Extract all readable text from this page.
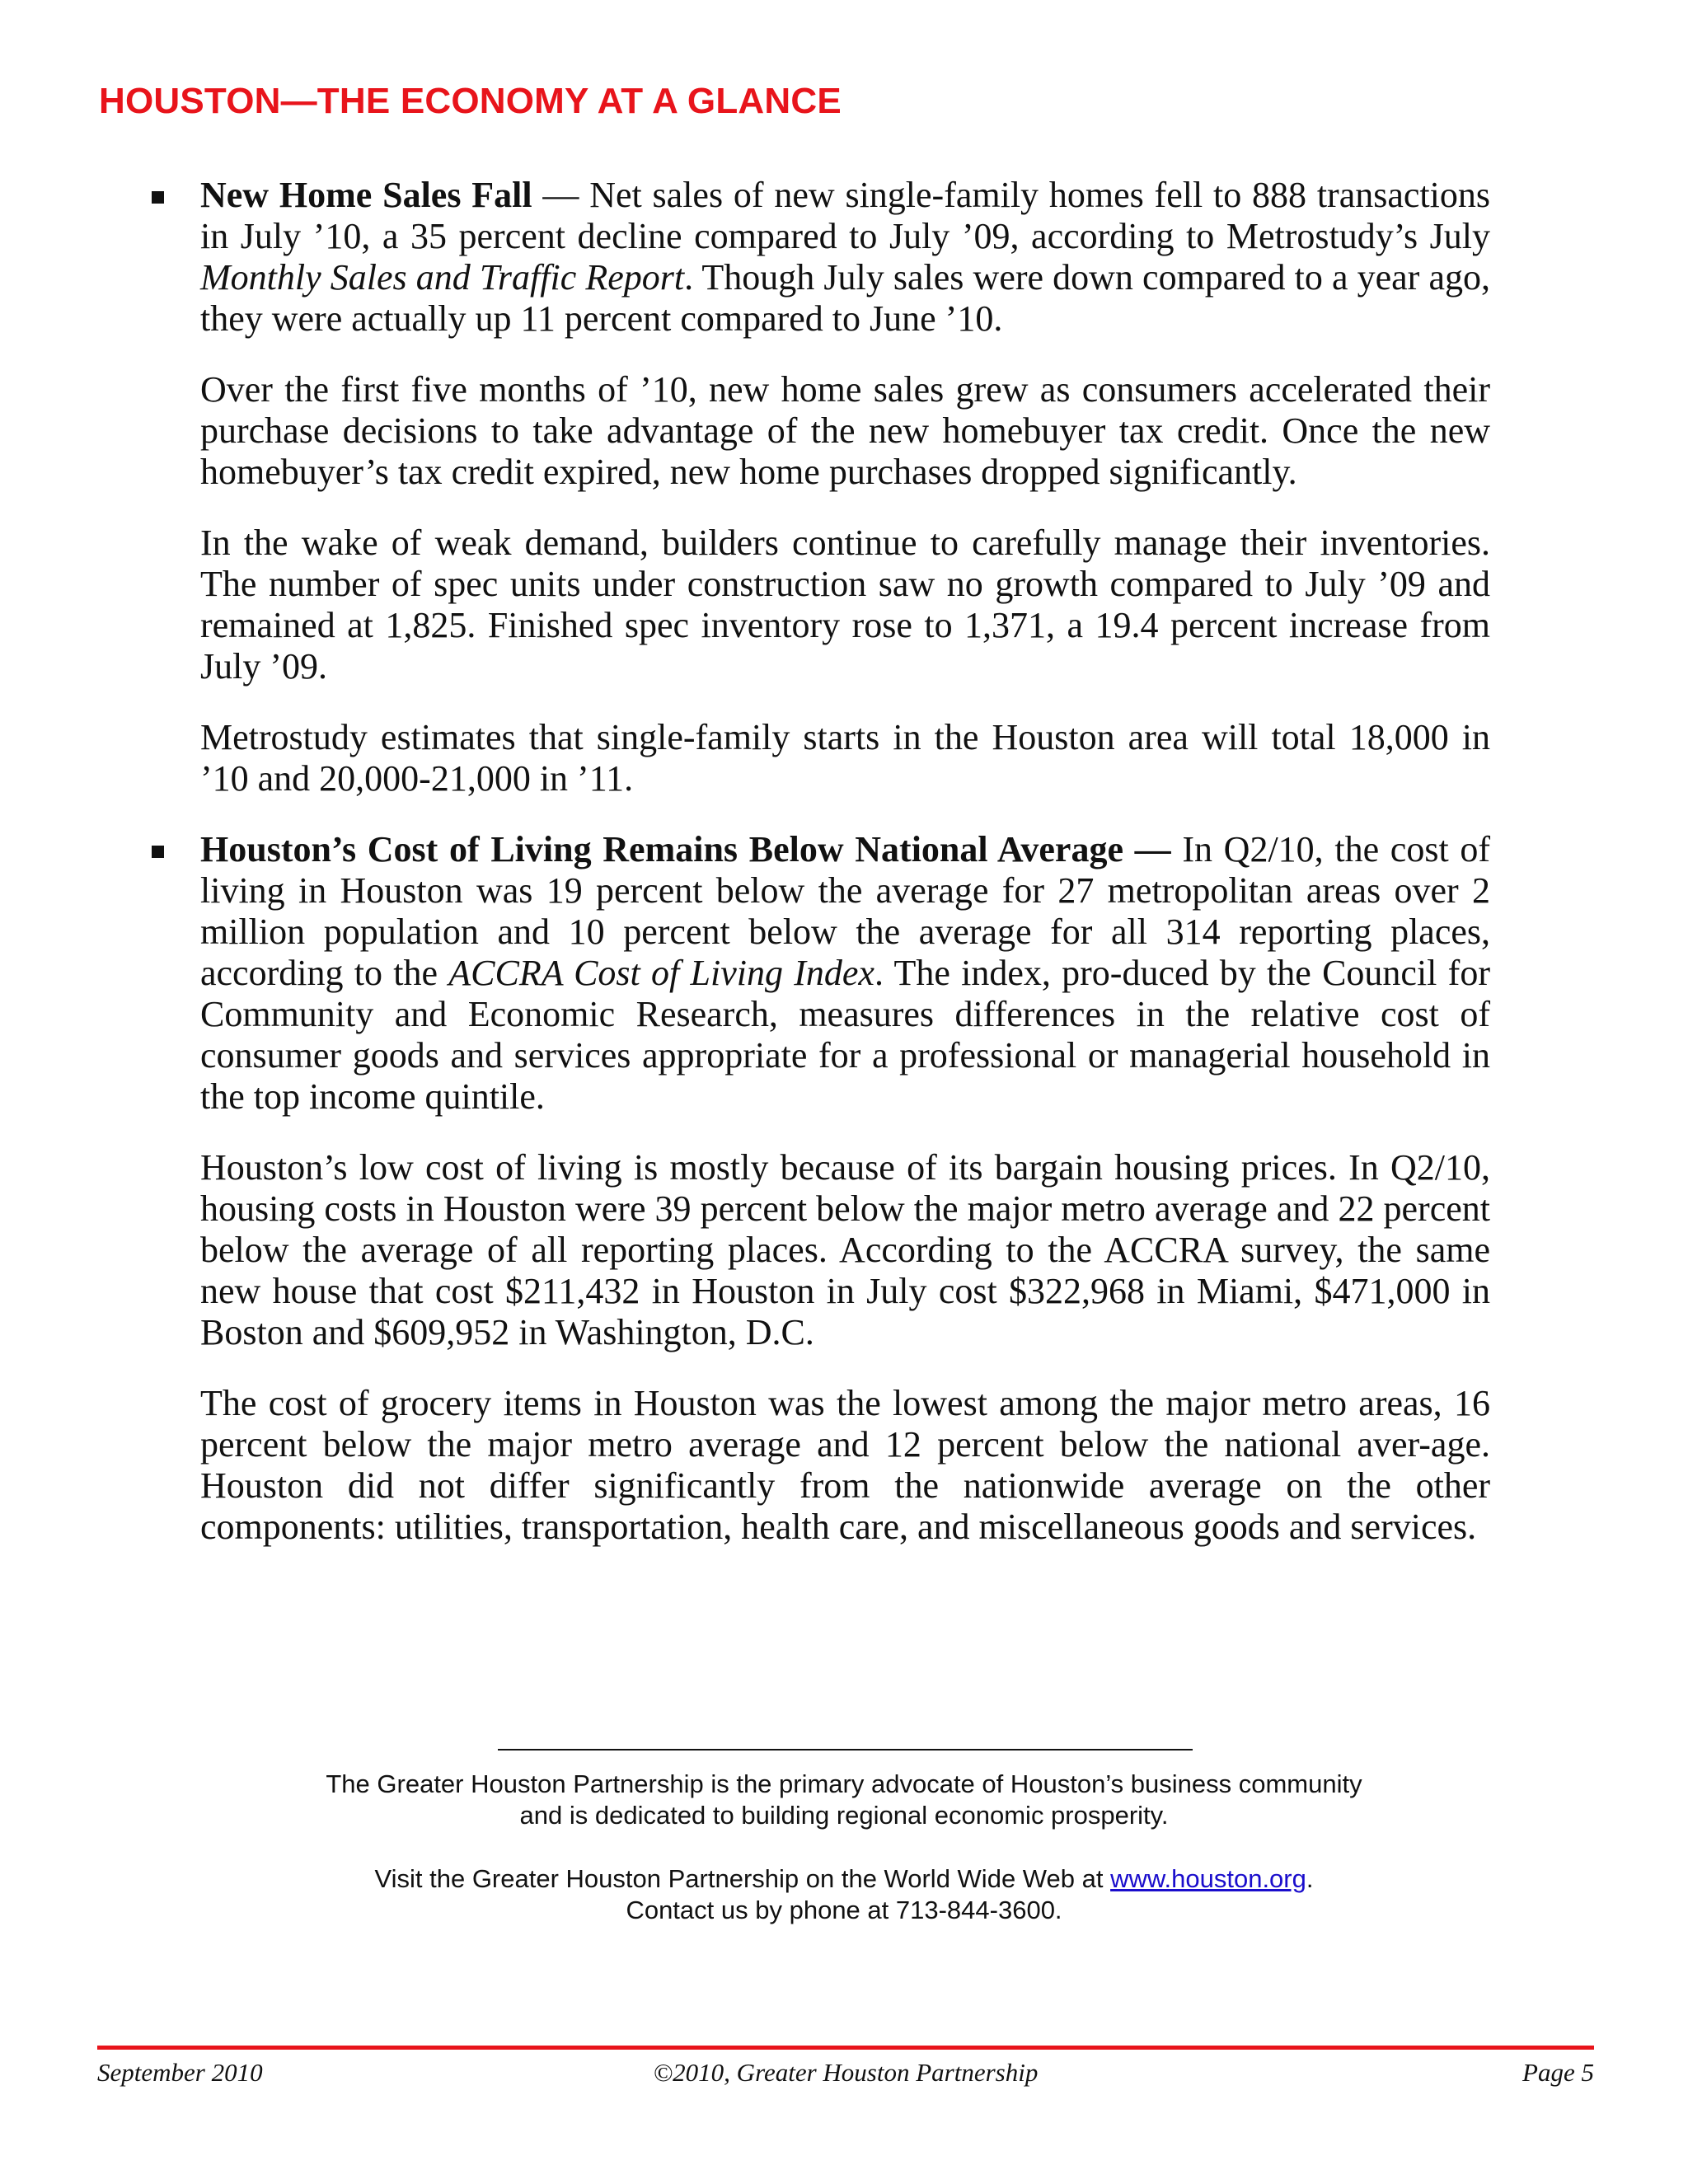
HOUSTON—THE ECONOMY AT A GLANCE

New Home Sales Fall — Net sales of new single-family homes fell to 888 transactions in July ’10, a 35 percent decline compared to July ’09, according to Metrostudy’s July Monthly Sales and Traffic Report. Though July sales were down compared to a year ago, they were actually up 11 percent compared to June ’10.

Over the first five months of ’10, new home sales grew as consumers accelerated their purchase decisions to take advantage of the new homebuyer tax credit. Once the new homebuyer’s tax credit expired, new home purchases dropped significantly.

In the wake of weak demand, builders continue to carefully manage their inventories. The number of spec units under construction saw no growth compared to July ’09 and remained at 1,825. Finished spec inventory rose to 1,371, a 19.4 percent increase from July ’09.

Metrostudy estimates that single-family starts in the Houston area will total 18,000 in ’10 and 20,000-21,000 in ’11.

Houston’s Cost of Living Remains Below National Average — In Q2/10, the cost of living in Houston was 19 percent below the average for 27 metropolitan areas over 2 million population and 10 percent below the average for all 314 reporting places, according to the ACCRA Cost of Living Index. The index, pro-duced by the Council for Community and Economic Research, measures differences in the relative cost of consumer goods and services appropriate for a professional or managerial household in the top income quintile.

Houston’s low cost of living is mostly because of its bargain housing prices. In Q2/10, housing costs in Houston were 39 percent below the major metro average and 22 percent below the average of all reporting places. According to the ACCRA survey, the same new house that cost $211,432 in Houston in July cost $322,968 in Miami, $471,000 in Boston and $609,952 in Washington, D.C.

The cost of grocery items in Houston was the lowest among the major metro areas, 16 percent below the major metro average and 12 percent below the national aver-age. Houston did not differ significantly from the nationwide average on the other components: utilities, transportation, health care, and miscellaneous goods and services.

The Greater Houston Partnership is the primary advocate of Houston’s business community

and is dedicated to building regional economic prosperity.

Visit the Greater Houston Partnership on the World Wide Web at www.houston.org.

Contact us by phone at 713-844-3600.

September 2010	©2010, Greater Houston Partnership	Page 5
